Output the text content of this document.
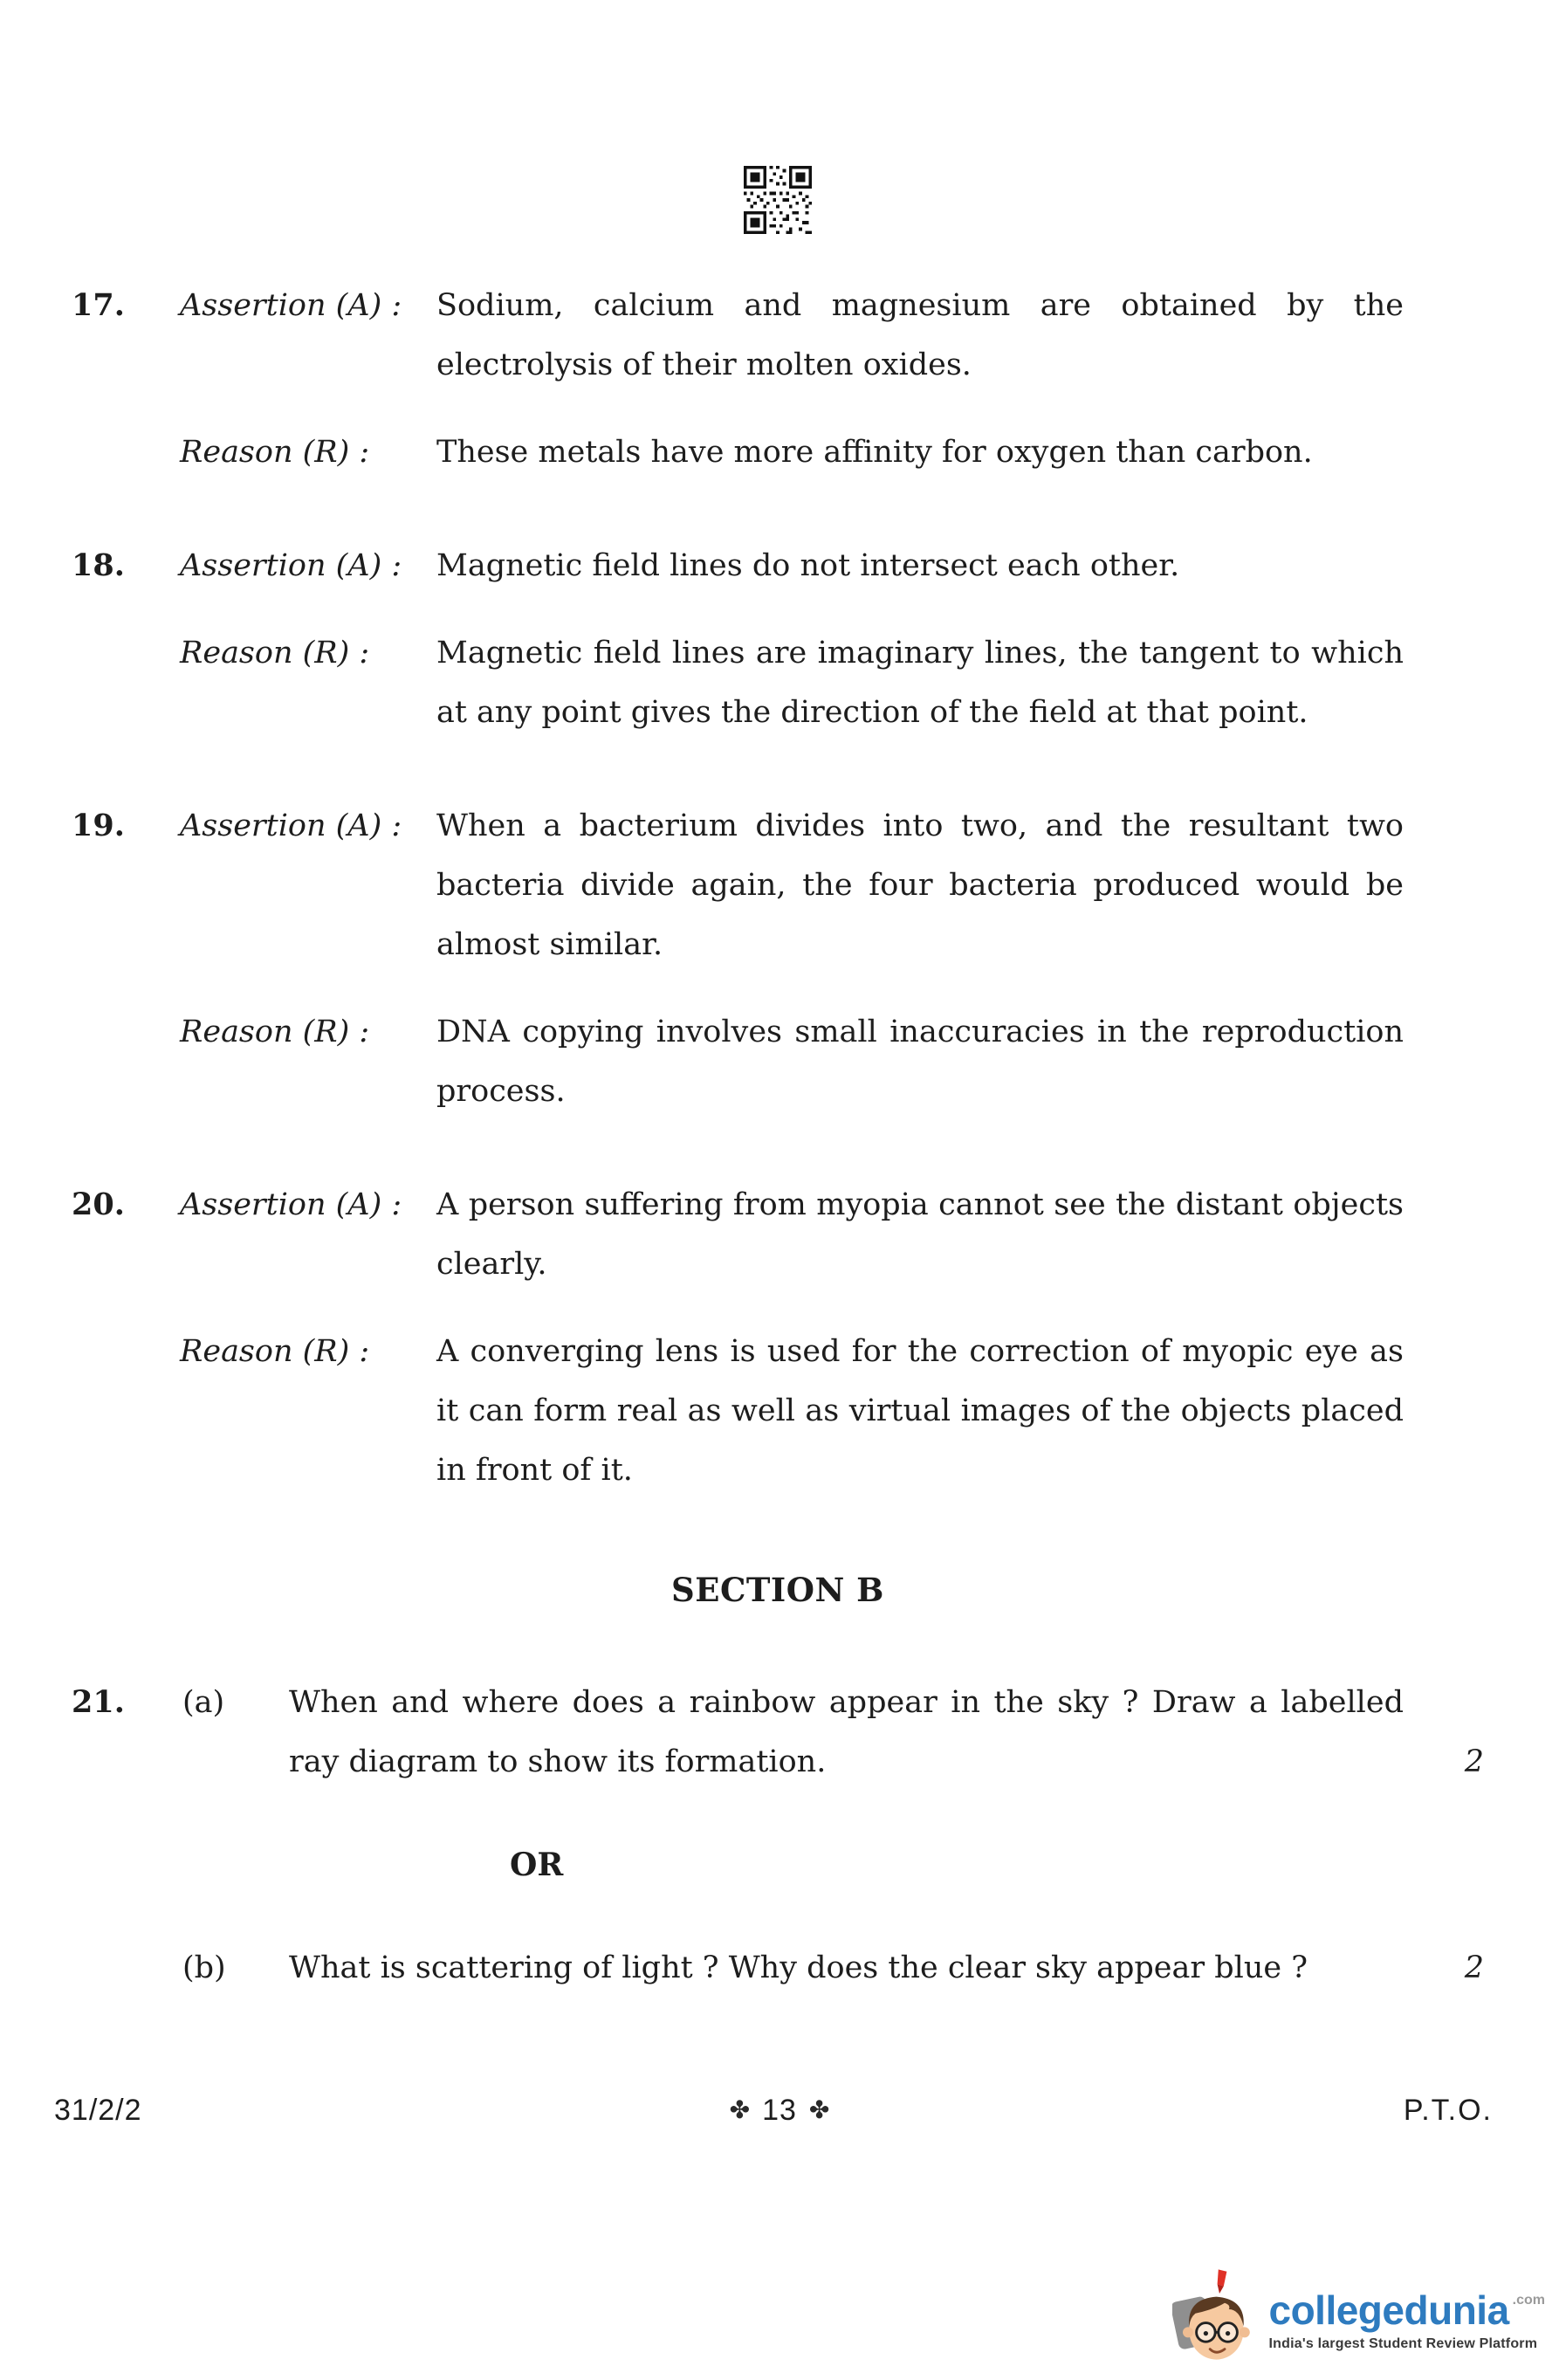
17.	Assertion (A) :	Sodium, calcium and magnesium are obtained by the electrolysis of their molten oxides.
Reason (R) :	These metals have more affinity for oxygen than carbon.
18.	Assertion (A) :	Magnetic field lines do not intersect each other.
Reason (R) :	Magnetic field lines are imaginary lines, the tangent to which at any point gives the direction of the field at that point.
19.	Assertion (A) :	When a bacterium divides into two, and the resultant two bacteria divide again, the four bacteria produced would be almost similar.
Reason (R) :	DNA copying involves small inaccuracies in the reproduction process.
20.	Assertion (A) :	A person suffering from myopia cannot see the distant objects clearly.
Reason (R) :	A converging lens is used for the correction of myopic eye as it can form real as well as virtual images of the objects placed in front of it.
SECTION B
21.	(a)	When and where does a rainbow appear in the sky ? Draw a labelled ray diagram to show its formation.	2
OR
(b)	What is scattering of light ? Why does the clear sky appear blue ?	2
31/2/2	✤ 13 ✤	P.T.O.
collegedunia .com
India's largest Student Review Platform
